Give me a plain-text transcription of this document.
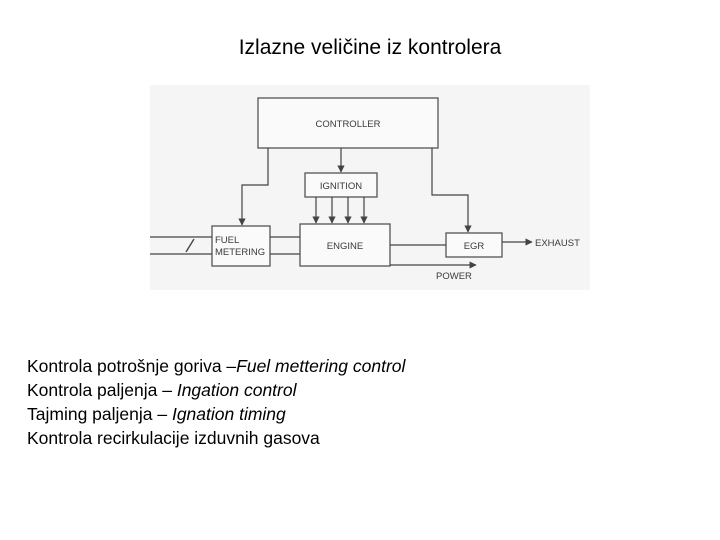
Izlazne veličine iz kontrolera
CONTROLLER
IGNITION
FUEL
METERING
ENGINE	EGR	EXHAUST
POWER
Kontrola potrošnje goriva –Fuel mettering control
Kontrola paljenja – Ingation control
Tajming paljenja – Ignation timing
Kontrola recirkulacije izduvnih gasova
